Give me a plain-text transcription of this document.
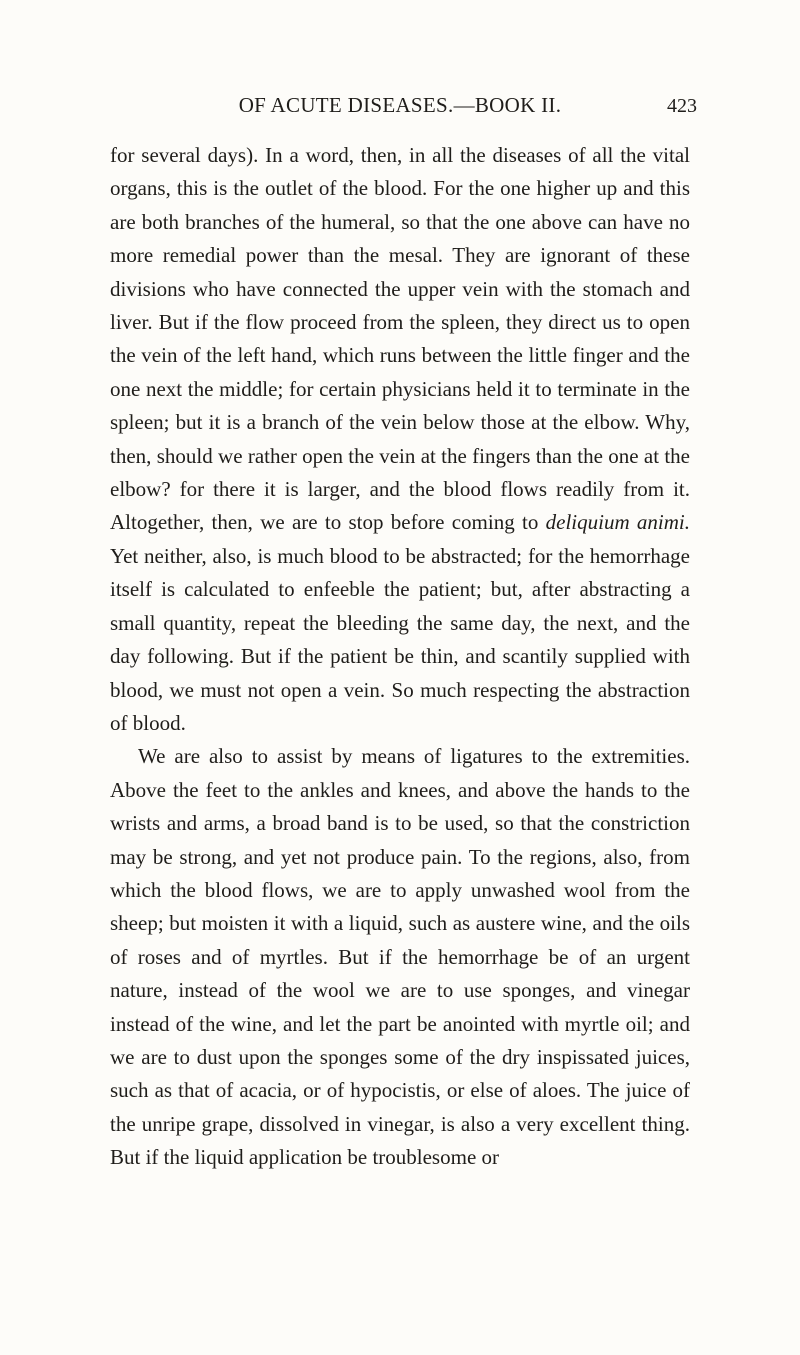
OF ACUTE DISEASES.—BOOK II.	423

for several days). In a word, then, in all the diseases of all the vital organs, this is the outlet of the blood. For the one higher up and this are both branches of the humeral, so that the one above can have no more remedial power than the mesal. They are ignorant of these divisions who have connected the upper vein with the stomach and liver. But if the flow proceed from the spleen, they direct us to open the vein of the left hand, which runs between the little finger and the one next the middle; for certain physicians held it to terminate in the spleen; but it is a branch of the vein below those at the elbow. Why, then, should we rather open the vein at the fingers than the one at the elbow? for there it is larger, and the blood flows readily from it. Altogether, then, we are to stop before coming to deliquium animi. Yet neither, also, is much blood to be abstracted; for the hemorrhage itself is calculated to enfeeble the patient; but, after abstracting a small quantity, repeat the bleeding the same day, the next, and the day following. But if the patient be thin, and scantily supplied with blood, we must not open a vein. So much respecting the abstraction of blood.

We are also to assist by means of ligatures to the extremities. Above the feet to the ankles and knees, and above the hands to the wrists and arms, a broad band is to be used, so that the constriction may be strong, and yet not produce pain. To the regions, also, from which the blood flows, we are to apply unwashed wool from the sheep; but moisten it with a liquid, such as austere wine, and the oils of roses and of myrtles. But if the hemorrhage be of an urgent nature, instead of the wool we are to use sponges, and vinegar instead of the wine, and let the part be anointed with myrtle oil; and we are to dust upon the sponges some of the dry inspissated juices, such as that of acacia, or of hypocistis, or else of aloes. The juice of the unripe grape, dissolved in vinegar, is also a very excellent thing. But if the liquid application be troublesome or
